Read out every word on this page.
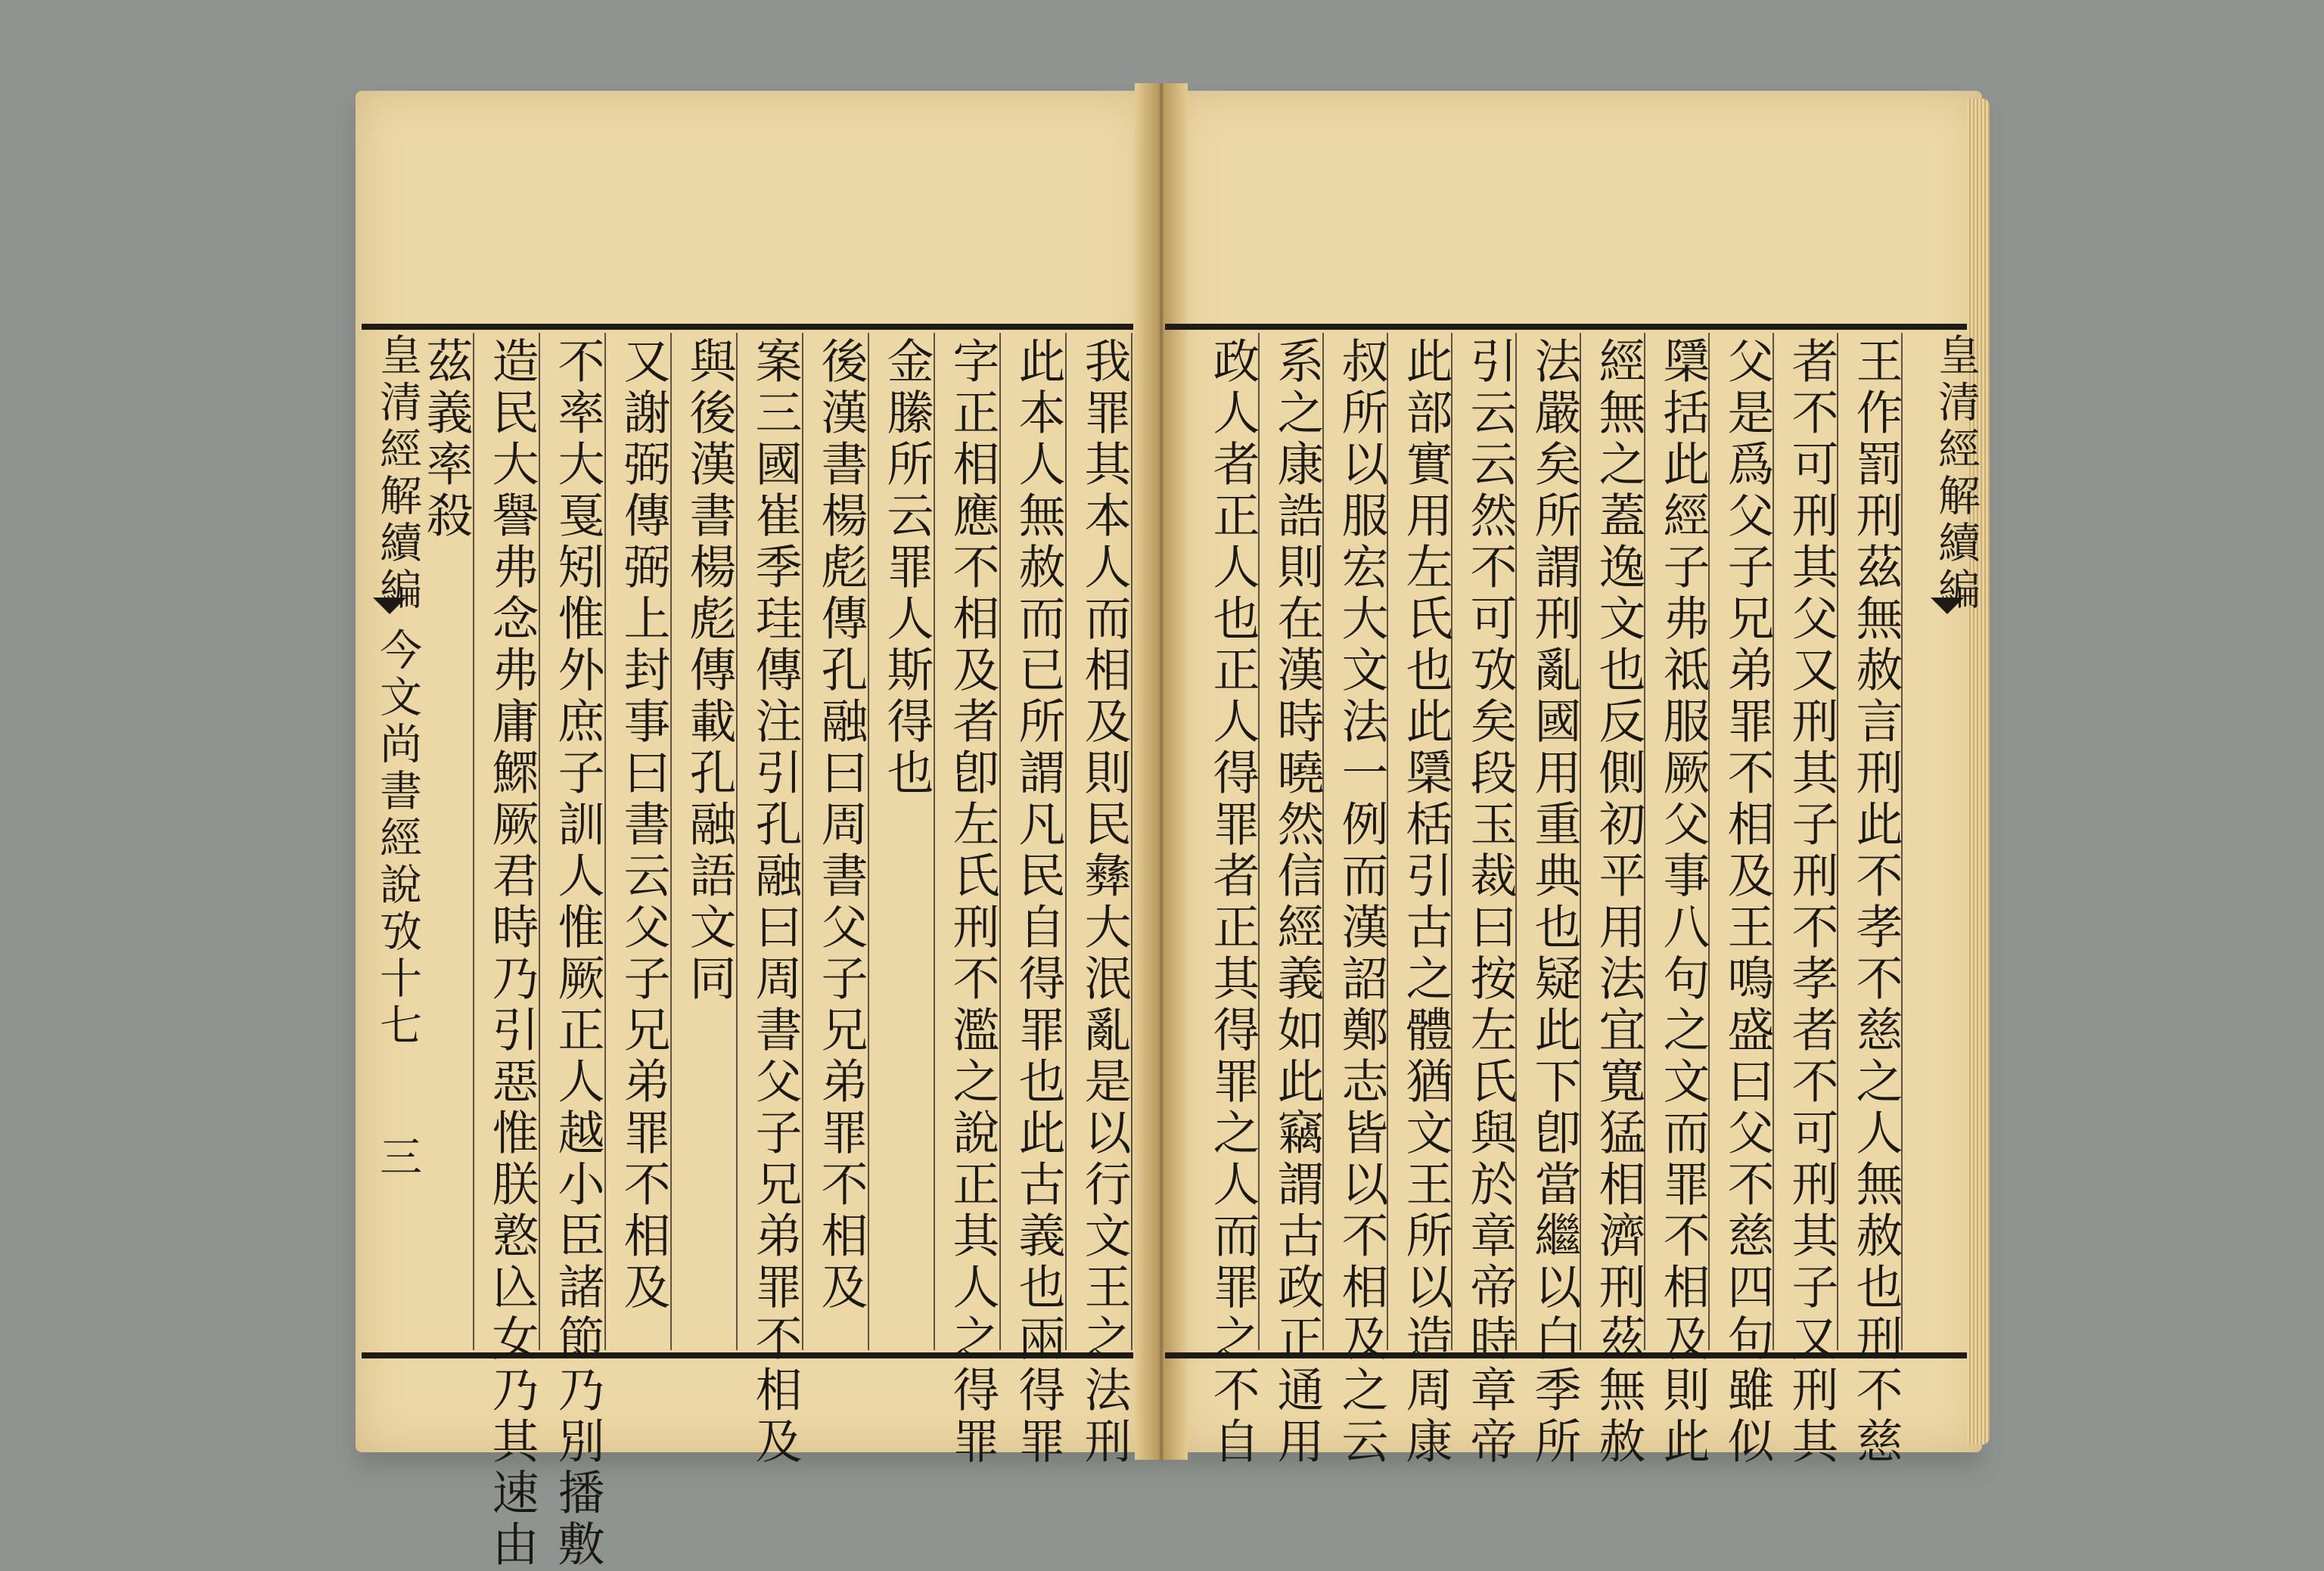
皇清經解續編
今文尚書經說攷十七
三
皇清經解續編
我罪其本人而相及則民彝大泯亂是以行文王之法刑
此本人無赦而已所謂凡民自得罪也此古義也兩得罪
字正相應不相及者卽左氏刑不濫之說正其人之得罪
金縢所云罪人斯得也
後漢書楊彪傳孔融曰周書父子兄弟罪不相及
案三國崔季珪傳注引孔融曰周書父子兄弟罪不相及
與後漢書楊彪傳載孔融語文同
又謝弼傳弼上封事曰書云父子兄弟罪不相及
不率大戛矧惟外庶子訓人惟厥正人越小臣諸節乃別播敷
造民大譽弗念弗庸鰥厥君時乃引惡惟朕憝兦女乃其速由
茲義率殺	王作罰刑茲無赦言刑此不孝不慈之人無赦也刑不慈
者不可刑其父又刑其子刑不孝者不可刑其子又刑其
父是爲父子兄弟罪不相及王鳴盛曰父不慈四句雖似
檃括此經子弗祗服厥父事八句之文而罪不相及則此
經無之蓋逸文也反側初平用法宜寬猛相濟刑茲無赦
法嚴矣所謂刑亂國用重典也疑此下卽當繼以白季所
引云云然不可攷矣段玉裁曰按左氏與於章帝時章帝
此部實用左氏也此檃栝引古之體猶文王所以造周康
叔所以服宏大文法一例而漢詔鄭志皆以不相及之云
系之康誥則在漢時曉然信經義如此竊謂古政正通用
政人者正人也正人得罪者正其得罪之人而罪之不自
